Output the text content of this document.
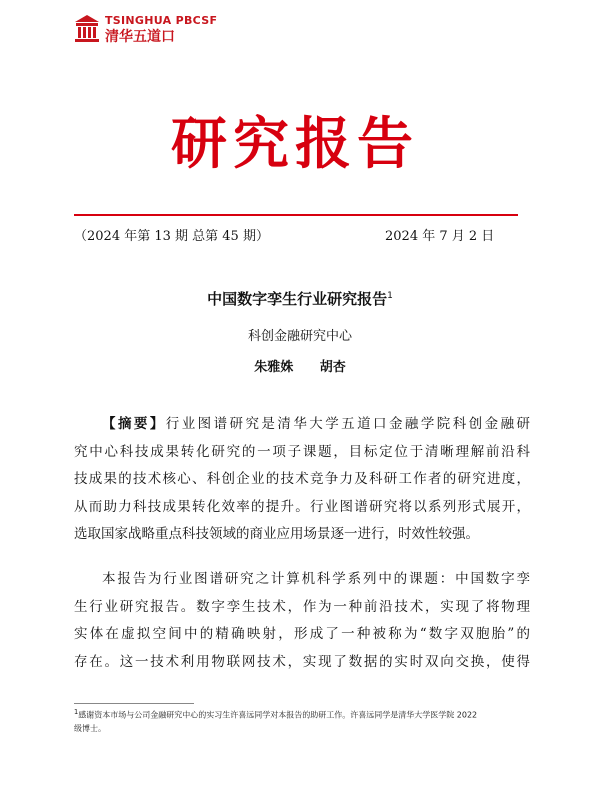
TSINGHUA PBCSF
清华五道口
研究报告
（2024 年第 13 期 总第 45 期）	2024 年 7 月 2 日
中国数字孪生行业研究报告$^1$
科创金融研究中心
朱雅姝 胡杏
【摘要】行业图谱研究是清华大学五道口金融学院科创金融研
究中心科技成果转化研究的一项子课题，目标定位于清晰理解前沿科
技成果的技术核心、科创企业的技术竞争力及科研工作者的研究进度，
从而助力科技成果转化效率的提升。行业图谱研究将以系列形式展开，
选取国家战略重点科技领域的商业应用场景逐一进行，时效性较强。
本报告为行业图谱研究之计算机科学系列中的课题：中国数字孪
生行业研究报告。数字孪生技术，作为一种前沿技术，实现了将物理
实体在虚拟空间中的精确映射，形成了一种被称为“数字双胞胎”的
存在。这一技术利用物联网技术，实现了数据的实时双向交换，使得
$^1$感谢资本市场与公司金融研究中心的实习生许喜远同学对本报告的助研工作。许喜远同学是清华大学医学院 2022
级博士。
